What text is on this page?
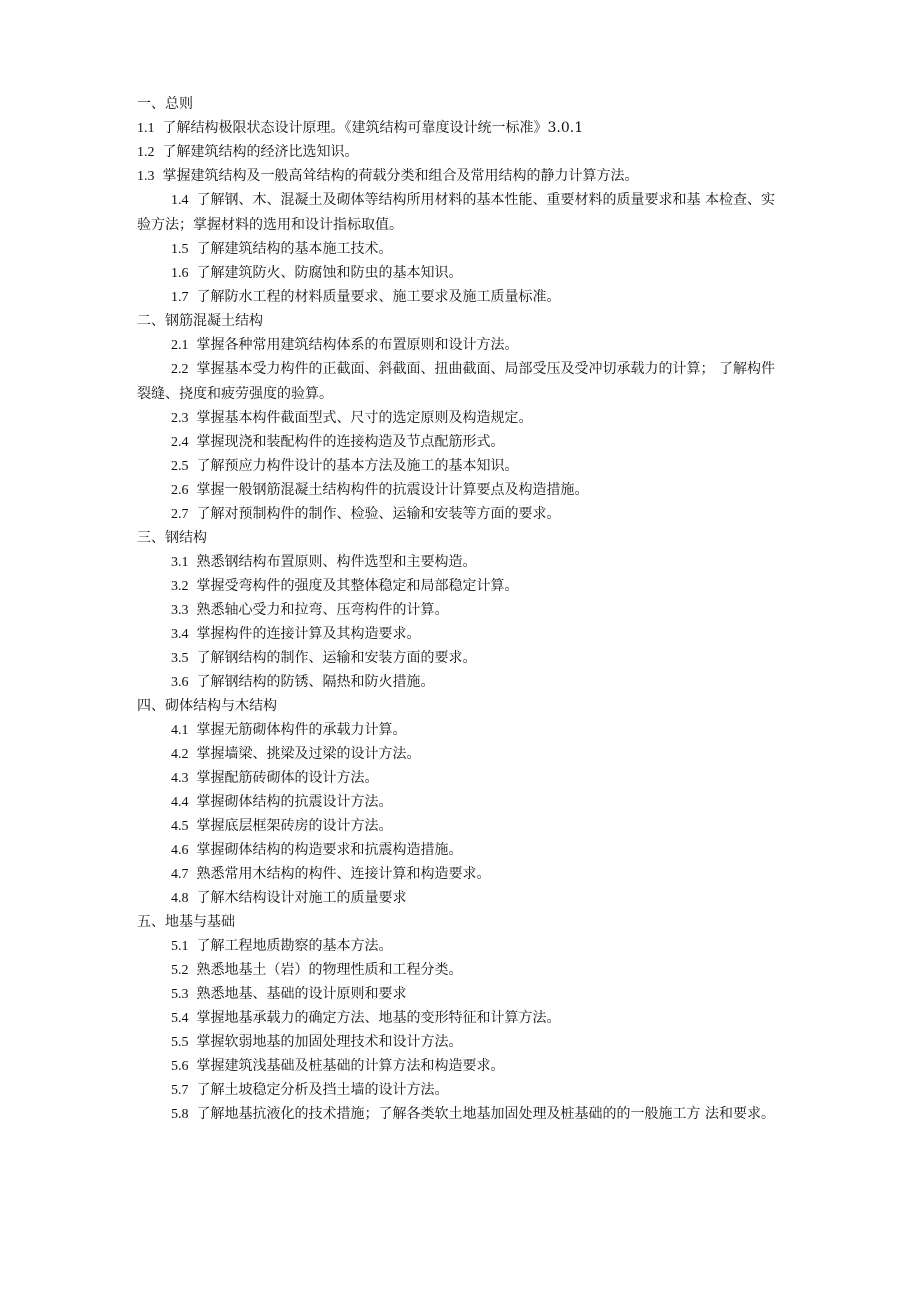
一、总则
1.1 了解结构极限状态设计原理。《建筑结构可靠度设计统一标准》3.0.1
1.2 了解建筑结构的经济比选知识。
1.3 掌握建筑结构及一般高耸结构的荷载分类和组合及常用结构的静力计算方法。
1.4 了解钢、木、混凝土及砌体等结构所用材料的基本性能、重要材料的质量要求和基 本检查、实验方法；掌握材料的选用和设计指标取值。
1.5 了解建筑结构的基本施工技术。
1.6 了解建筑防火、防腐蚀和防虫的基本知识。
1.7 了解防水工程的材料质量要求、施工要求及施工质量标准。
二、钢筋混凝土结构
2.1 掌握各种常用建筑结构体系的布置原则和设计方法。
2.2 掌握基本受力构件的正截面、斜截面、扭曲截面、局部受压及受冲切承载力的计算； 了解构件裂缝、挠度和疲劳强度的验算。
2.3 掌握基本构件截面型式、尺寸的选定原则及构造规定。
2.4 掌握现浇和装配构件的连接构造及节点配筋形式。
2.5 了解预应力构件设计的基本方法及施工的基本知识。
2.6 掌握一般钢筋混凝土结构构件的抗震设计计算要点及构造措施。
2.7 了解对预制构件的制作、检验、运输和安装等方面的要求。
三、钢结构
3.1 熟悉钢结构布置原则、构件选型和主要构造。
3.2 掌握受弯构件的强度及其整体稳定和局部稳定计算。
3.3 熟悉轴心受力和拉弯、压弯构件的计算。
3.4 掌握构件的连接计算及其构造要求。
3.5 了解钢结构的制作、运输和安装方面的要求。
3.6 了解钢结构的防锈、隔热和防火措施。
四、砌体结构与木结构
4.1 掌握无筋砌体构件的承载力计算。
4.2 掌握墙梁、挑梁及过梁的设计方法。
4.3 掌握配筋砖砌体的设计方法。
4.4 掌握砌体结构的抗震设计方法。
4.5 掌握底层框架砖房的设计方法。
4.6 掌握砌体结构的构造要求和抗震构造措施。
4.7 熟悉常用木结构的构件、连接计算和构造要求。
4.8 了解木结构设计对施工的质量要求
五、地基与基础
5.1 了解工程地质勘察的基本方法。
5.2 熟悉地基土（岩）的物理性质和工程分类。
5.3 熟悉地基、基础的设计原则和要求
5.4 掌握地基承载力的确定方法、地基的变形特征和计算方法。
5.5 掌握软弱地基的加固处理技术和设计方法。
5.6 掌握建筑浅基础及桩基础的计算方法和构造要求。
5.7 了解土坡稳定分析及挡土墙的设计方法。
5.8 了解地基抗液化的技术措施；了解各类软土地基加固处理及桩基础的的一般施工方 法和要求。
